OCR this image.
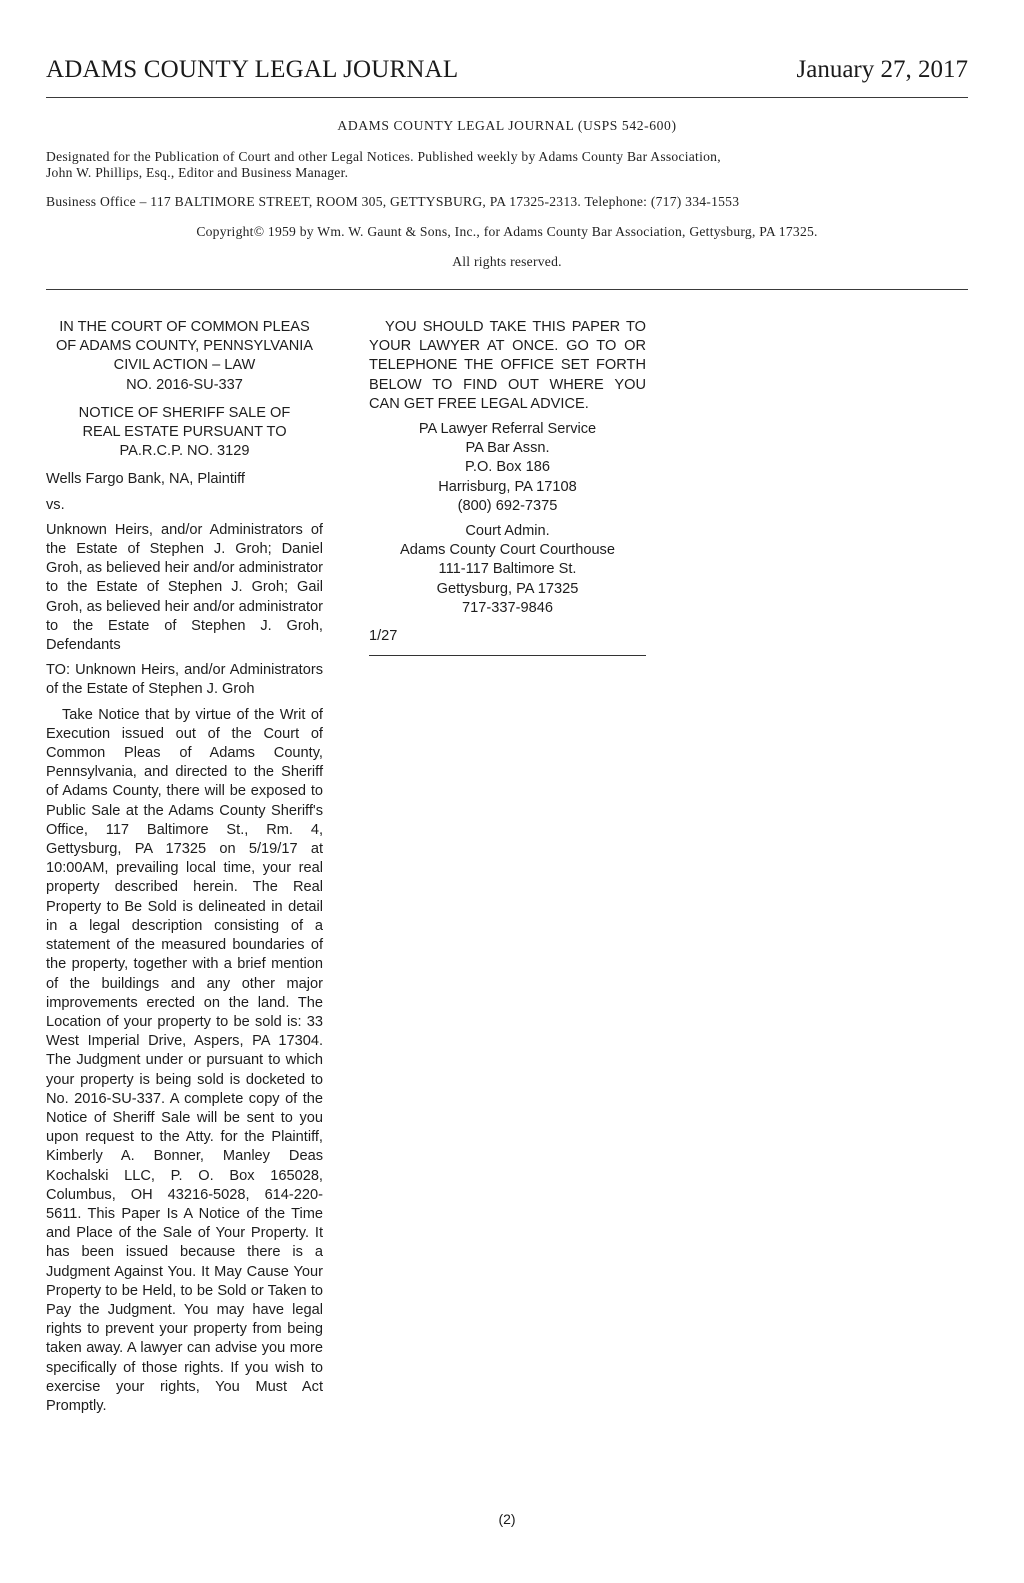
ADAMS COUNTY LEGAL JOURNAL	January 27, 2017

ADAMS COUNTY LEGAL JOURNAL (USPS 542-600)

Designated for the Publication of Court and other Legal Notices. Published weekly by Adams County Bar Association,

John W. Phillips, Esq., Editor and Business Manager.

Business Office – 117 BALTIMORE STREET, ROOM 305, GETTYSBURG, PA 17325-2313. Telephone: (717) 334-1553

Copyright© 1959 by Wm. W. Gaunt & Sons, Inc., for Adams County Bar Association, Gettysburg, PA 17325.

All rights reserved.

IN THE COURT OF COMMON PLEAS

OF ADAMS COUNTY, PENNSYLVANIA

CIVIL ACTION – LAW

NO. 2016-SU-337

NOTICE OF SHERIFF SALE OF

REAL ESTATE PURSUANT TO

PA.R.C.P. NO. 3129

Wells Fargo Bank, NA, Plaintiff

vs.

Unknown Heirs, and/or Administrators of the Estate of Stephen J. Groh; Daniel Groh, as believed heir and/or administrator to the Estate of Stephen J. Groh; Gail Groh, as believed heir and/or administrator to the Estate of Stephen J. Groh, Defendants

TO: Unknown Heirs, and/or Administrators of the Estate of Stephen J. Groh

Take Notice that by virtue of the Writ of Execution issued out of the Court of Common Pleas of Adams County, Pennsylvania, and directed to the Sheriff of Adams County, there will be exposed to Public Sale at the Adams County Sheriff's Office, 117 Baltimore St., Rm. 4, Gettysburg, PA 17325 on 5/19/17 at 10:00AM, prevailing local time, your real property described herein. The Real Property to Be Sold is delineated in detail in a legal description consisting of a statement of the measured boundaries of the property, together with a brief mention of the buildings and any other major improvements erected on the land. The Location of your property to be sold is: 33 West Imperial Drive, Aspers, PA 17304. The Judgment under or pursuant to which your property is being sold is docketed to No. 2016-SU-337. A complete copy of the Notice of Sheriff Sale will be sent to you upon request to the Atty. for the Plaintiff, Kimberly A. Bonner, Manley Deas Kochalski LLC, P. O. Box 165028, Columbus, OH 43216-5028, 614-220-5611. This Paper Is A Notice of the Time and Place of the Sale of Your Property. It has been issued because there is a Judgment Against You. It May Cause Your Property to be Held, to be Sold or Taken to Pay the Judgment. You may have legal rights to prevent your property from being taken away. A lawyer can advise you more specifically of those rights. If you wish to exercise your rights, You Must Act Promptly.

YOU SHOULD TAKE THIS PAPER TO YOUR LAWYER AT ONCE. GO TO OR TELEPHONE THE OFFICE SET FORTH BELOW TO FIND OUT WHERE YOU CAN GET FREE LEGAL ADVICE.

PA Lawyer Referral Service

PA Bar Assn.

P.O. Box 186

Harrisburg, PA 17108

(800) 692-7375

Court Admin.

Adams County Court Courthouse

111-117 Baltimore St.

Gettysburg, PA 17325

717-337-9846

1/27

(2)
